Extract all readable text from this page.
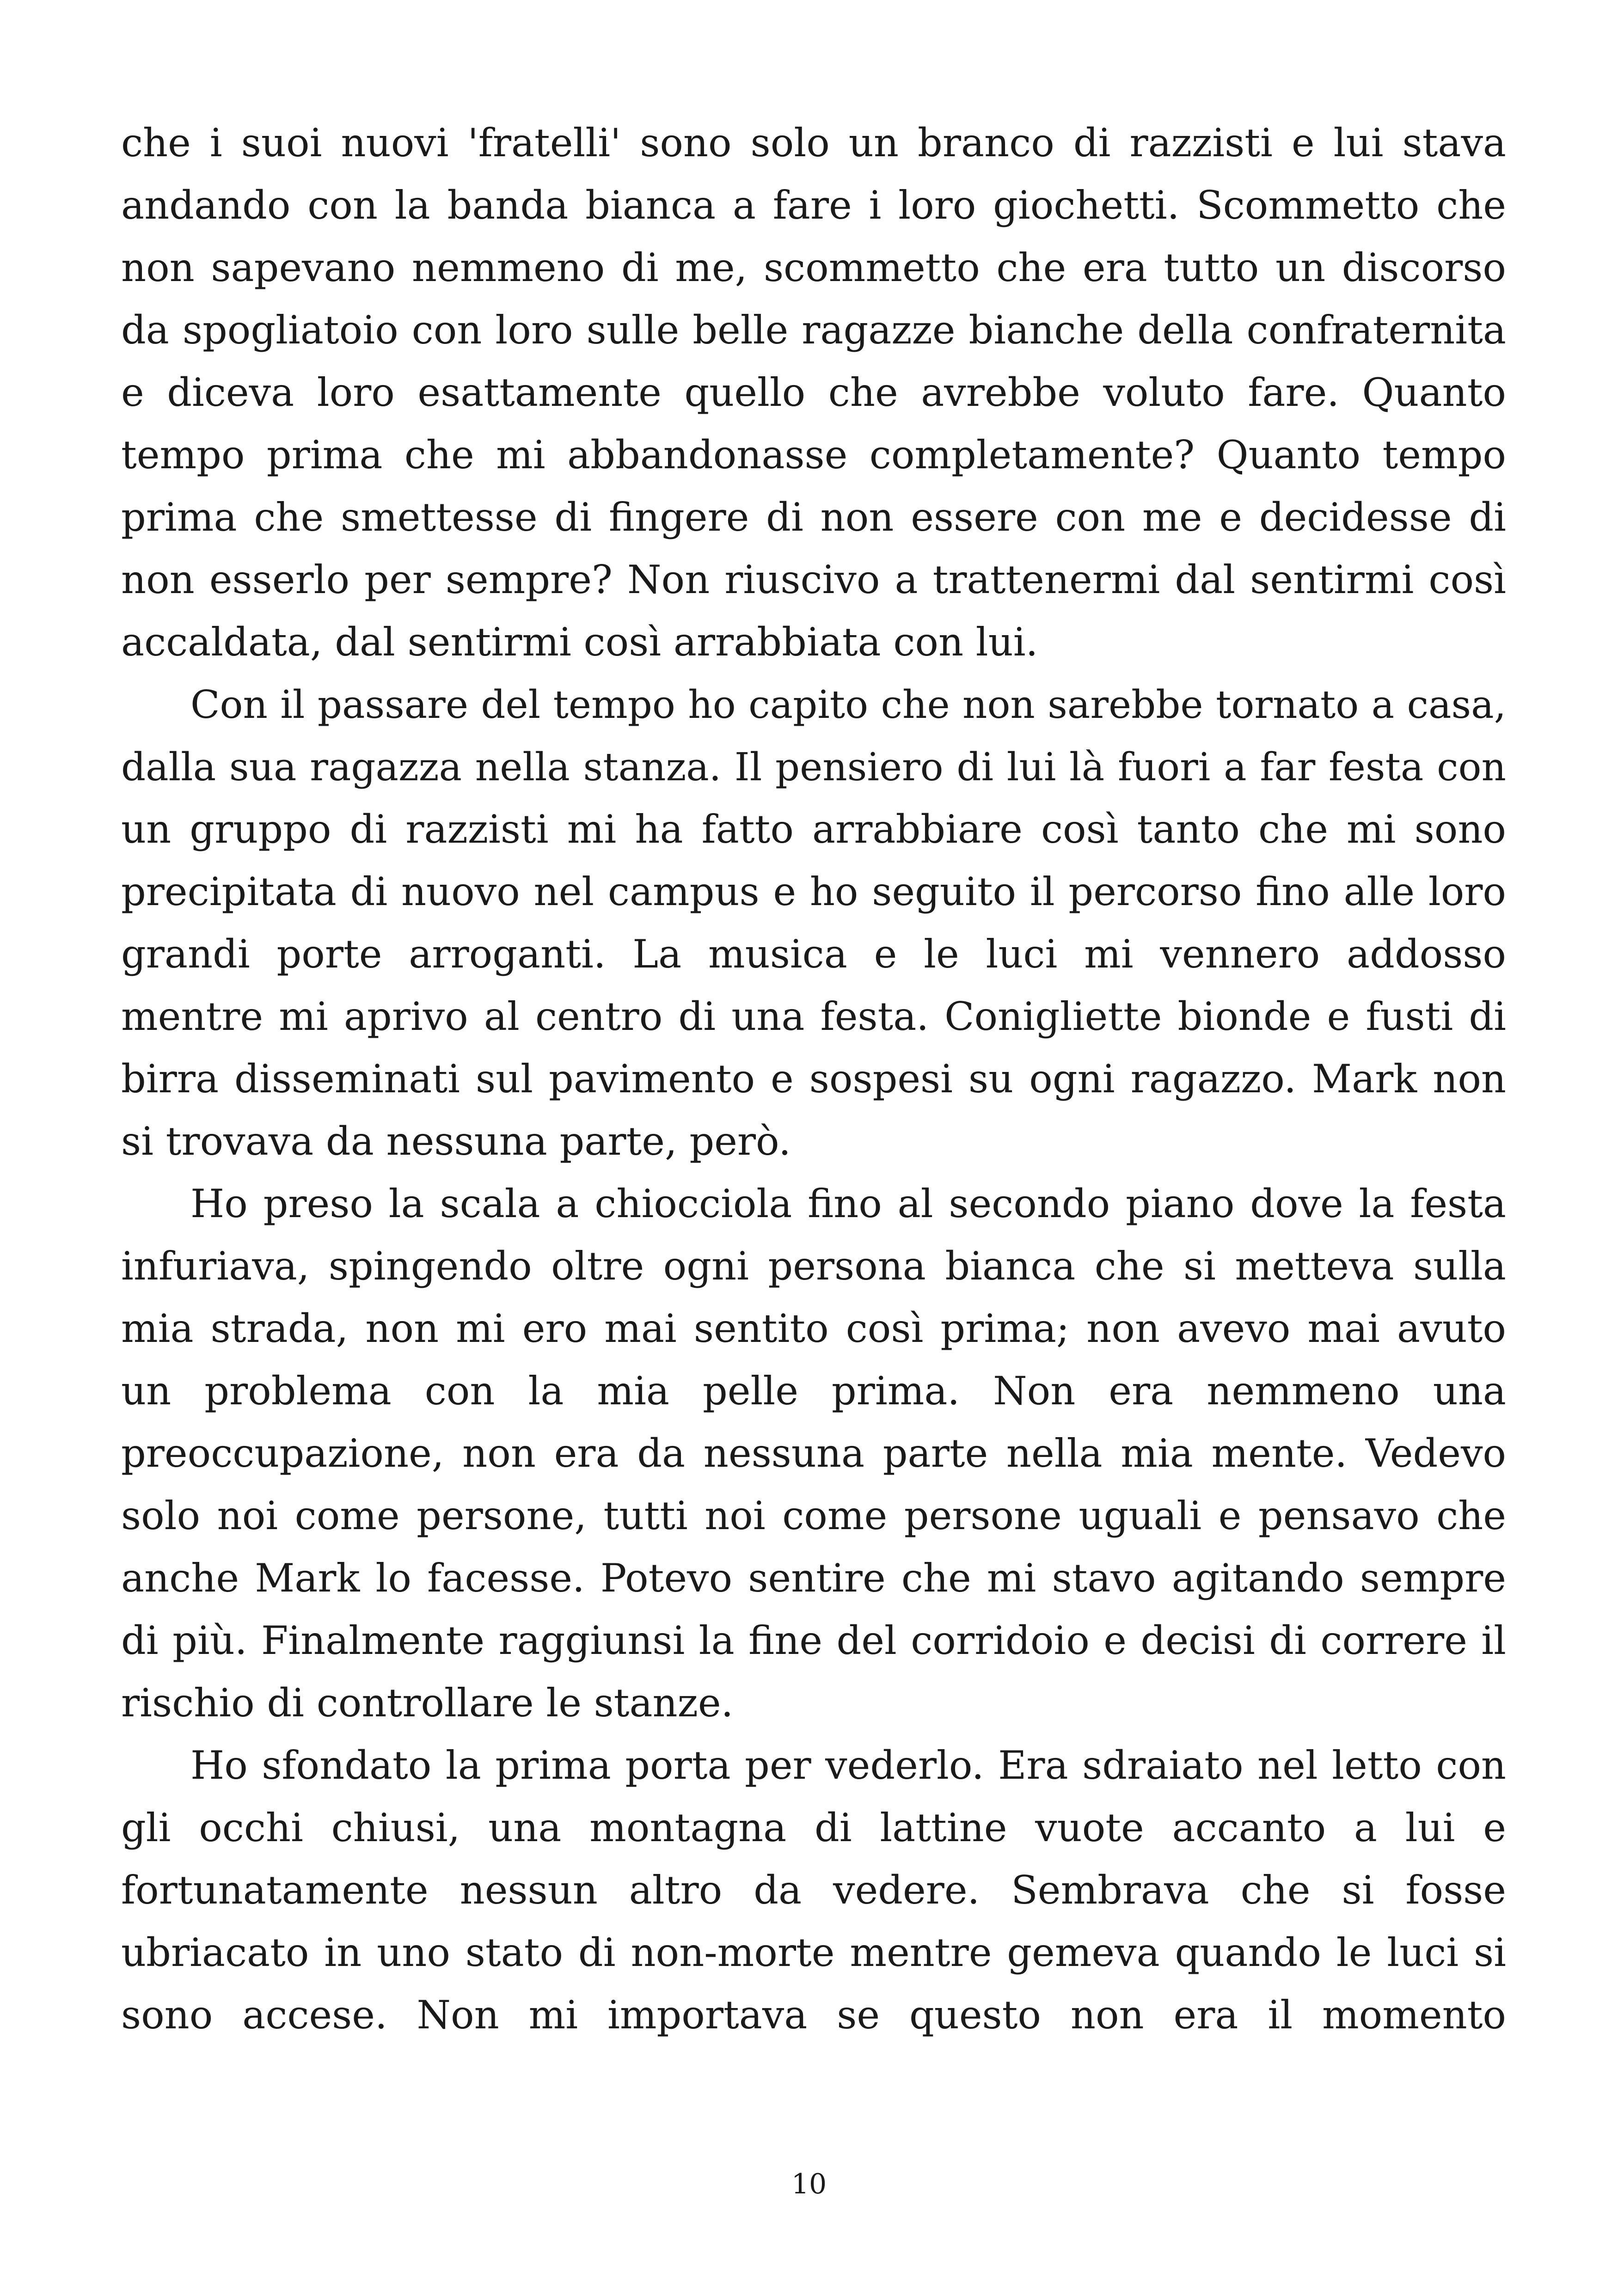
che i suoi nuovi 'fratelli' sono solo un branco di razzisti e lui stava
andando con la banda bianca a fare i loro giochetti. Scommetto che
non sapevano nemmeno di me, scommetto che era tutto un discorso
da spogliatoio con loro sulle belle ragazze bianche della confraternita
e diceva loro esattamente quello che avrebbe voluto fare. Quanto
tempo prima che mi abbandonasse completamente? Quanto tempo
prima che smettesse di fingere di non essere con me e decidesse di
non esserlo per sempre? Non riuscivo a trattenermi dal sentirmi così
accaldata, dal sentirmi così arrabbiata con lui.
Con il passare del tempo ho capito che non sarebbe tornato a casa,
dalla sua ragazza nella stanza. Il pensiero di lui là fuori a far festa con
un gruppo di razzisti mi ha fatto arrabbiare così tanto che mi sono
precipitata di nuovo nel campus e ho seguito il percorso fino alle loro
grandi porte arroganti. La musica e le luci mi vennero addosso
mentre mi aprivo al centro di una festa. Conigliette bionde e fusti di
birra disseminati sul pavimento e sospesi su ogni ragazzo. Mark non
si trovava da nessuna parte, però.
Ho preso la scala a chiocciola fino al secondo piano dove la festa
infuriava, spingendo oltre ogni persona bianca che si metteva sulla
mia strada, non mi ero mai sentito così prima; non avevo mai avuto
un problema con la mia pelle prima. Non era nemmeno una
preoccupazione, non era da nessuna parte nella mia mente. Vedevo
solo noi come persone, tutti noi come persone uguali e pensavo che
anche Mark lo facesse. Potevo sentire che mi stavo agitando sempre
di più. Finalmente raggiunsi la fine del corridoio e decisi di correre il
rischio di controllare le stanze.
Ho sfondato la prima porta per vederlo. Era sdraiato nel letto con
gli occhi chiusi, una montagna di lattine vuote accanto a lui e
fortunatamente nessun altro da vedere. Sembrava che si fosse
ubriacato in uno stato di non-morte mentre gemeva quando le luci si
sono accese. Non mi importava se questo non era il momento
10
